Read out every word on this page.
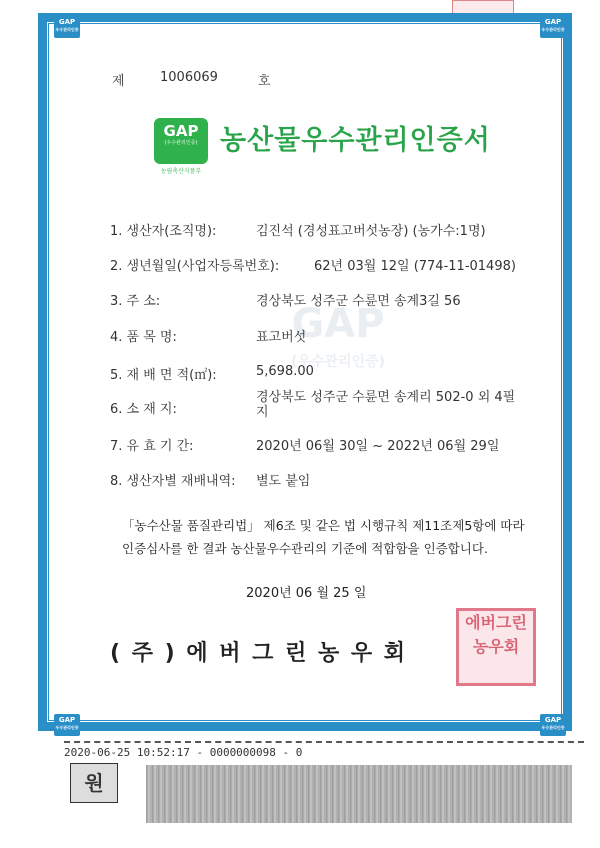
GAP
우수관리인증
GAP
우수관리인증
GAP
우수관리인증
GAP
우수관리인증
제	1006069	호
GAP
(우수관리인증)
농림축산식품부
농산물우수관리인증서
GAP
(우수관리인증)
1. 생산자(조직명):	김진석 (경성표고버섯농장) (농가수:1명)
2. 생년월일(사업자등록번호):	62년 03월 12일 (774-11-01498)
3. 주 소:	경상북도 성주군 수륜면 송계3길 56
4. 품 목 명:	표고버섯
5. 재 배 면 적(㎡):	5,698.00
6. 소 재 지:
경상북도 성주군 수륜면 송계리 502-0 외 4필지
7. 유 효 기 간:	2020년 06월 30일 ~ 2022년 06월 29일
8. 생산자별 재배내역: 별도 붙임
「농수산물 품질관리법」 제6조 및 같은 법 시행규칙 제11조제5항에 따라
인증심사를 한 결과 농산물우수관리의 기준에 적합함을 인증합니다.
2020년 06 월 25 일
( 주 ) 에 버 그 린 농 우 회
에버그린농우회
2020-06-25 10:52:17 - 0000000098 - 0
원
